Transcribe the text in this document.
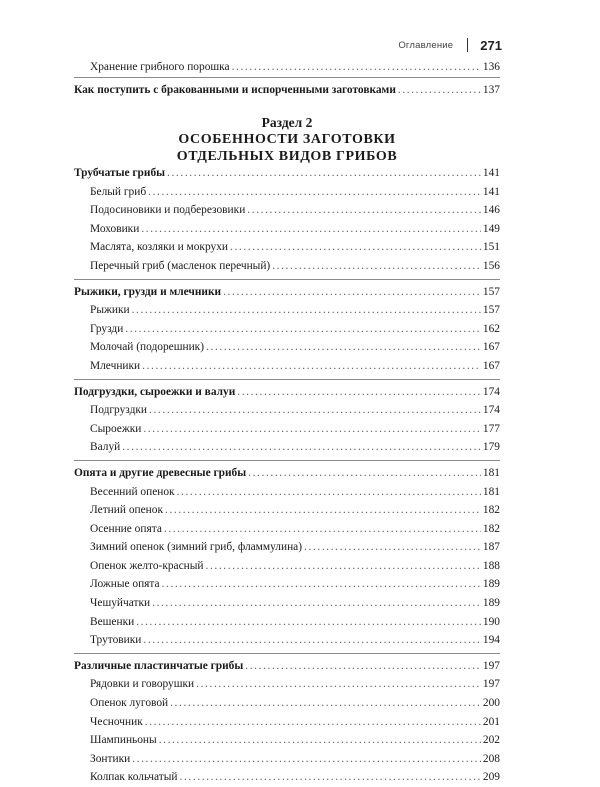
Оглавление 271
Хранение грибного порошка .....	136
Как поступить с бракованными и испорченными заготовками .....	137
Раздел 2
ОСОБЕННОСТИ ЗАГОТОВКИ
ОТДЕЛЬНЫХ ВИДОВ ГРИБОВ
Трубчатые грибы .....	141
Белый гриб .....	141
Подосиновики и подберезовики .....	146
Моховики .....	149
Маслята, козляки и мокрухи .....	151
Перечный гриб (масленок перечный) .....	156
Рыжики, грузди и млечники .....	157
Рыжики .....	157
Грузди .....	162
Молочай (подорешник) .....	167
Млечники .....	167
Подгруздки, сыроежки и валуи .....	174
Подгруздки .....	174
Сыроежки .....	177
Валуй .....	179
Опята и другие древесные грибы .....	181
Весенний опенок .....	181
Летний опенок .....	182
Осенние опята .....	182
Зимний опенок (зимний гриб, фламмулина) .....	187
Опенок желто-красный .....	188
Ложные опята .....	189
Чешуйчатки .....	189
Вешенки .....	190
Трутовики .....	194
Различные пластинчатые грибы .....	197
Рядовки и говорушки .....	197
Опенок луговой .....	200
Чесночник .....	201
Шампиньоны .....	202
Зонтики .....	208
Колпак кольчатый .....	209
